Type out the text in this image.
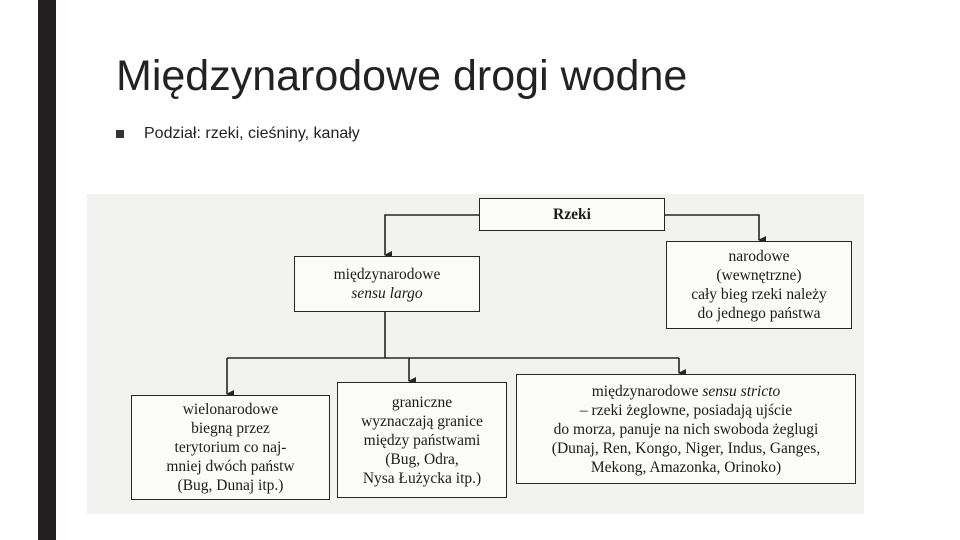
Międzynarodowe drogi wodne
Podział: rzeki, cieśniny, kanały
Rzeki
międzynarodowe
sensu largo
narodowe
(wewnętrzne)
cały bieg rzeki należy
do jednego państwa
wielonarodowe
biegną przez
terytorium co naj-
mniej dwóch państw
(Bug, Dunaj itp.)
graniczne
wyznaczają granice
między państwami
(Bug, Odra,
Nysa Łużycka itp.)
międzynarodowe sensu stricto
– rzeki żeglowne, posiadają ujście
do morza, panuje na nich swoboda żeglugi
(Dunaj, Ren, Kongo, Niger, Indus, Ganges,
Mekong, Amazonka, Orinoko)
